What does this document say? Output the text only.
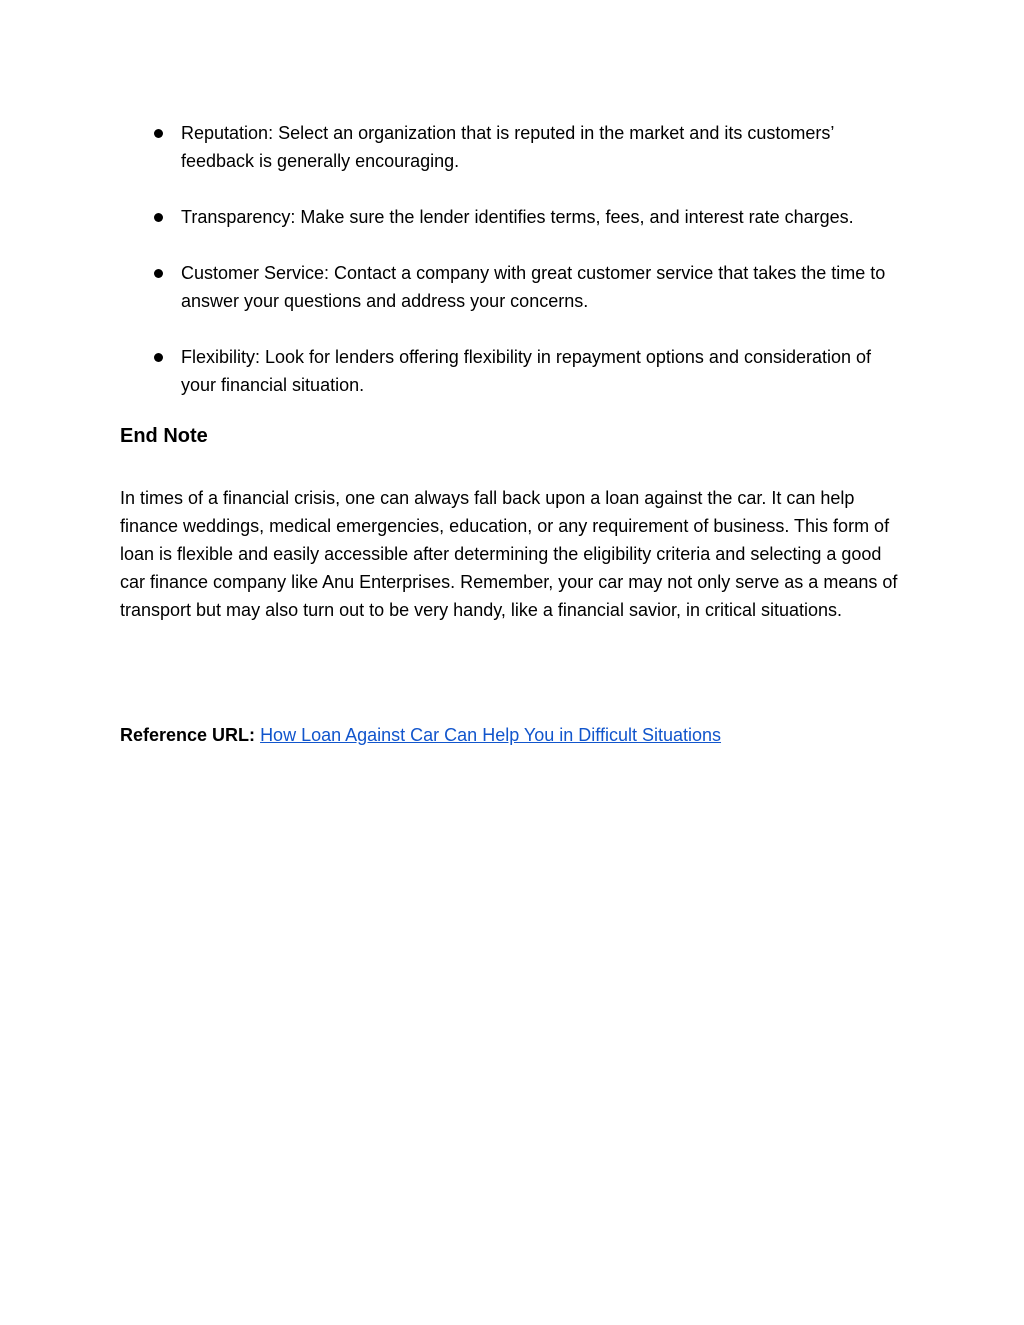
Reputation: Select an organization that is reputed in the market and its customers’ feedback is generally encouraging.
Transparency: Make sure the lender identifies terms, fees, and interest rate charges.
Customer Service: Contact a company with great customer service that takes the time to answer your questions and address your concerns.
Flexibility: Look for lenders offering flexibility in repayment options and consideration of your financial situation.
End Note

In times of a financial crisis, one can always fall back upon a loan against the car. It can help finance weddings, medical emergencies, education, or any requirement of business. This form of loan is flexible and easily accessible after determining the eligibility criteria and selecting a good car finance company like Anu Enterprises. Remember, your car may not only serve as a means of transport but may also turn out to be very handy, like a financial savior, in critical situations.

Reference URL: How Loan Against Car Can Help You in Difficult Situations
